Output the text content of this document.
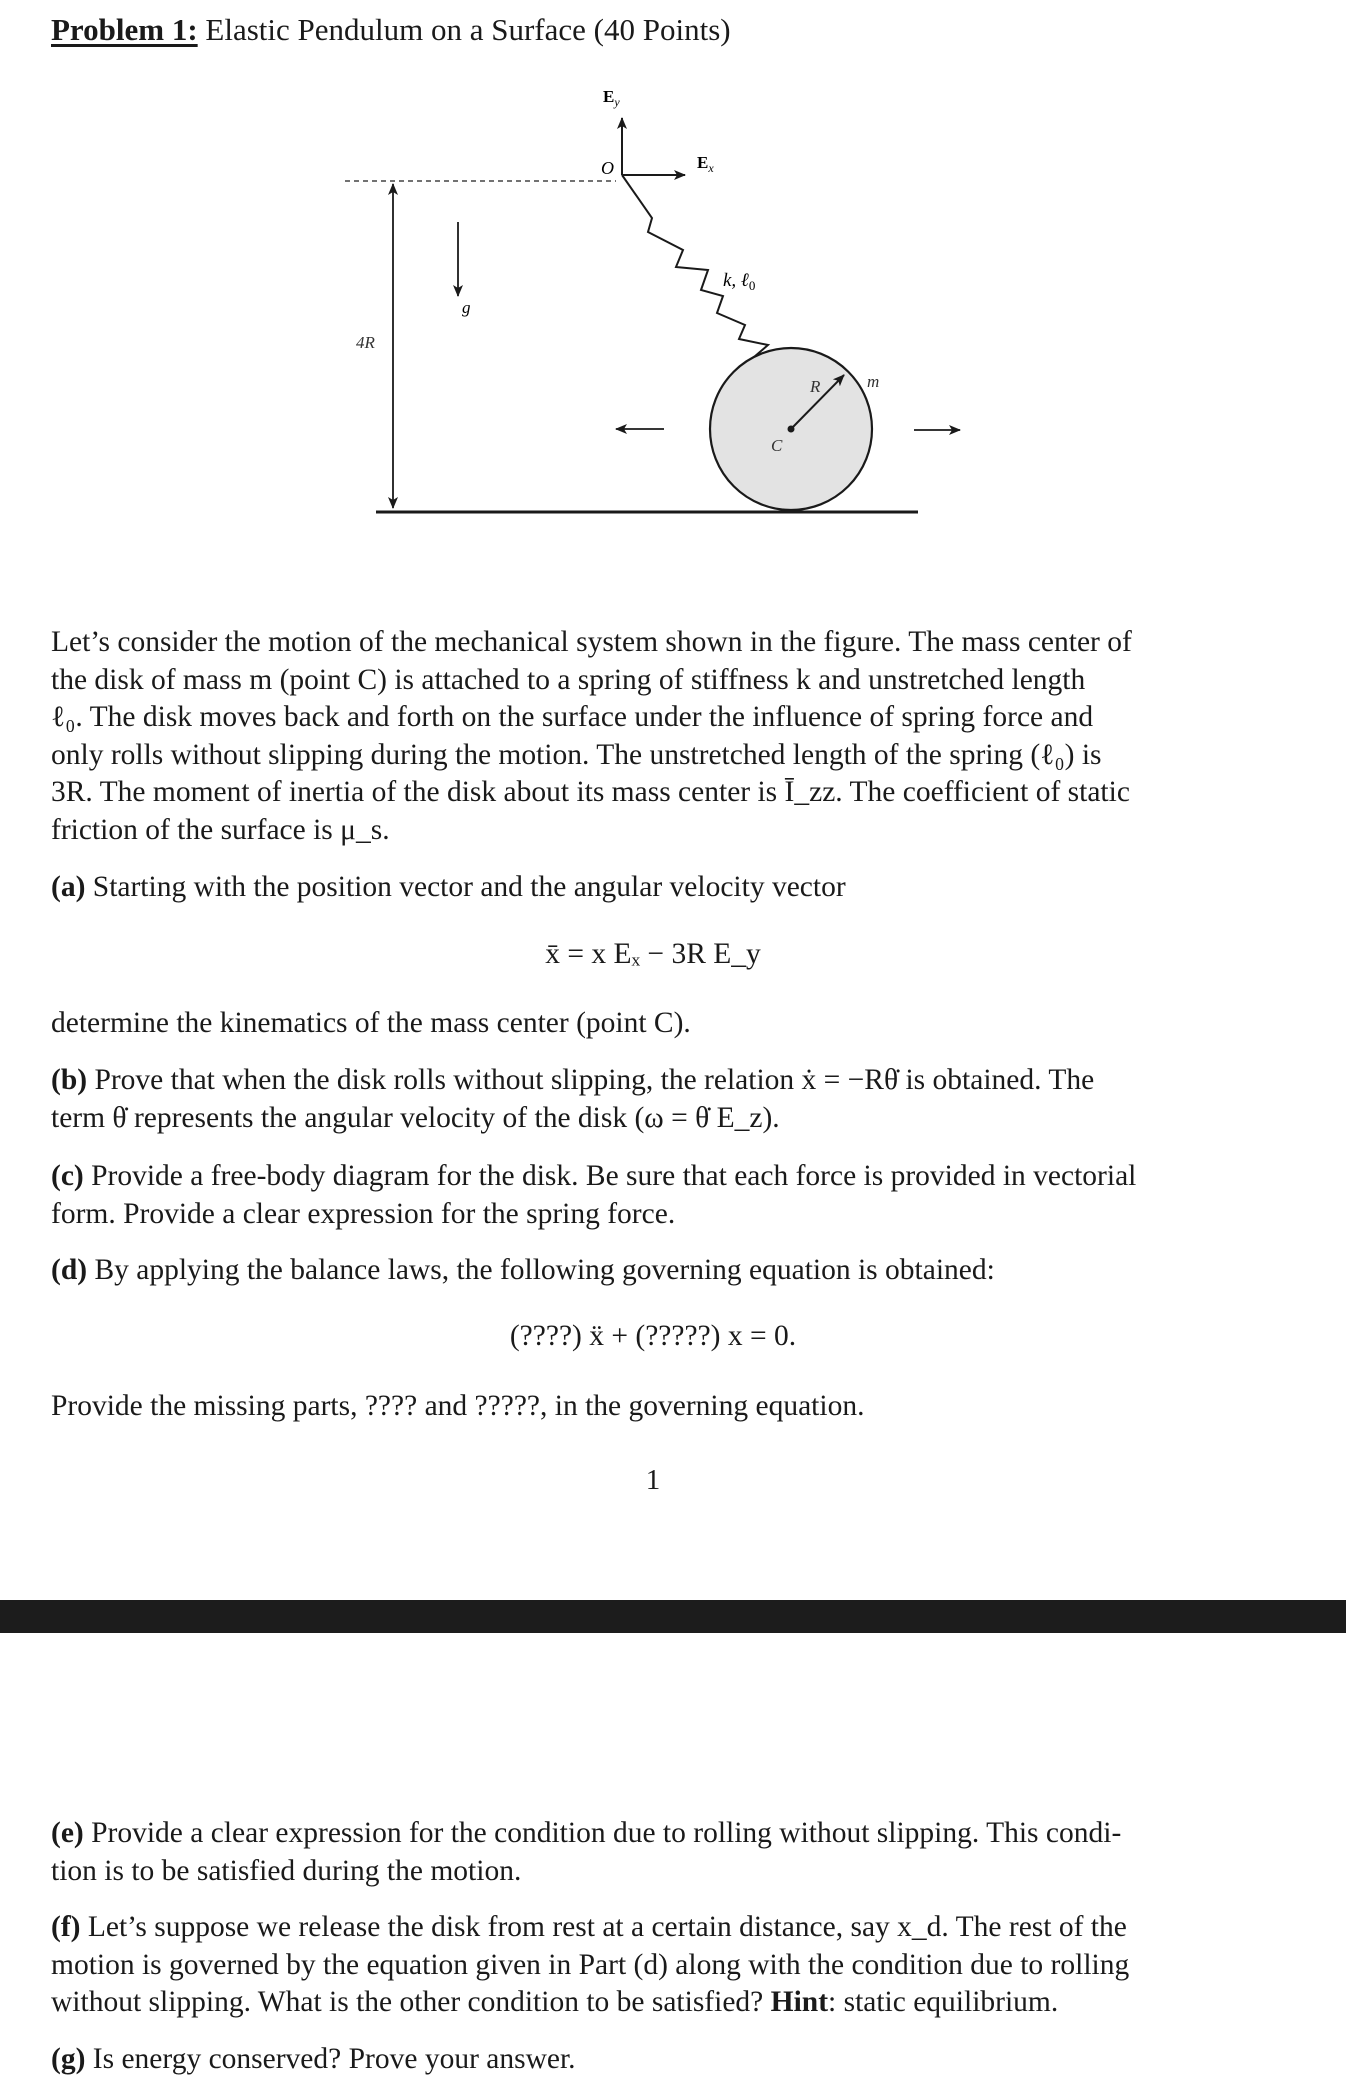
Problem 1: Elastic Pendulum on a Surface (40 Points)
$E_y$
$E_x$
O
4R
g
k, ℓ$_0$
R	m
C
Let’s consider the motion of the mechanical system shown in the figure. The mass center of
the disk of mass m (point C) is attached to a spring of stiffness k and unstretched length
ℓ₀. The disk moves back and forth on the surface under the influence of spring force and
only rolls without slipping during the motion. The unstretched length of the spring (ℓ₀) is
3R. The moment of inertia of the disk about its mass center is Ī_zz. The coefficient of static
friction of the surface is μ_s.
(a) Starting with the position vector and the angular velocity vector
x̄ = x Eₓ − 3R E_y
determine the kinematics of the mass center (point C).
(b) Prove that when the disk rolls without slipping, the relation ẋ = −Rθ̇ is obtained. The
term θ̇ represents the angular velocity of the disk (ω = θ̇ E_z).
(c) Provide a free-body diagram for the disk. Be sure that each force is provided in vectorial
form. Provide a clear expression for the spring force.
(d) By applying the balance laws, the following governing equation is obtained:
(????) ẍ + (?????) x = 0.
Provide the missing parts, ???? and ?????, in the governing equation.
1
(e) Provide a clear expression for the condition due to rolling without slipping. This condi-
tion is to be satisfied during the motion.
(f) Let’s suppose we release the disk from rest at a certain distance, say x_d. The rest of the
motion is governed by the equation given in Part (d) along with the condition due to rolling
without slipping. What is the other condition to be satisfied? Hint: static equilibrium.
(g) Is energy conserved? Prove your answer.
